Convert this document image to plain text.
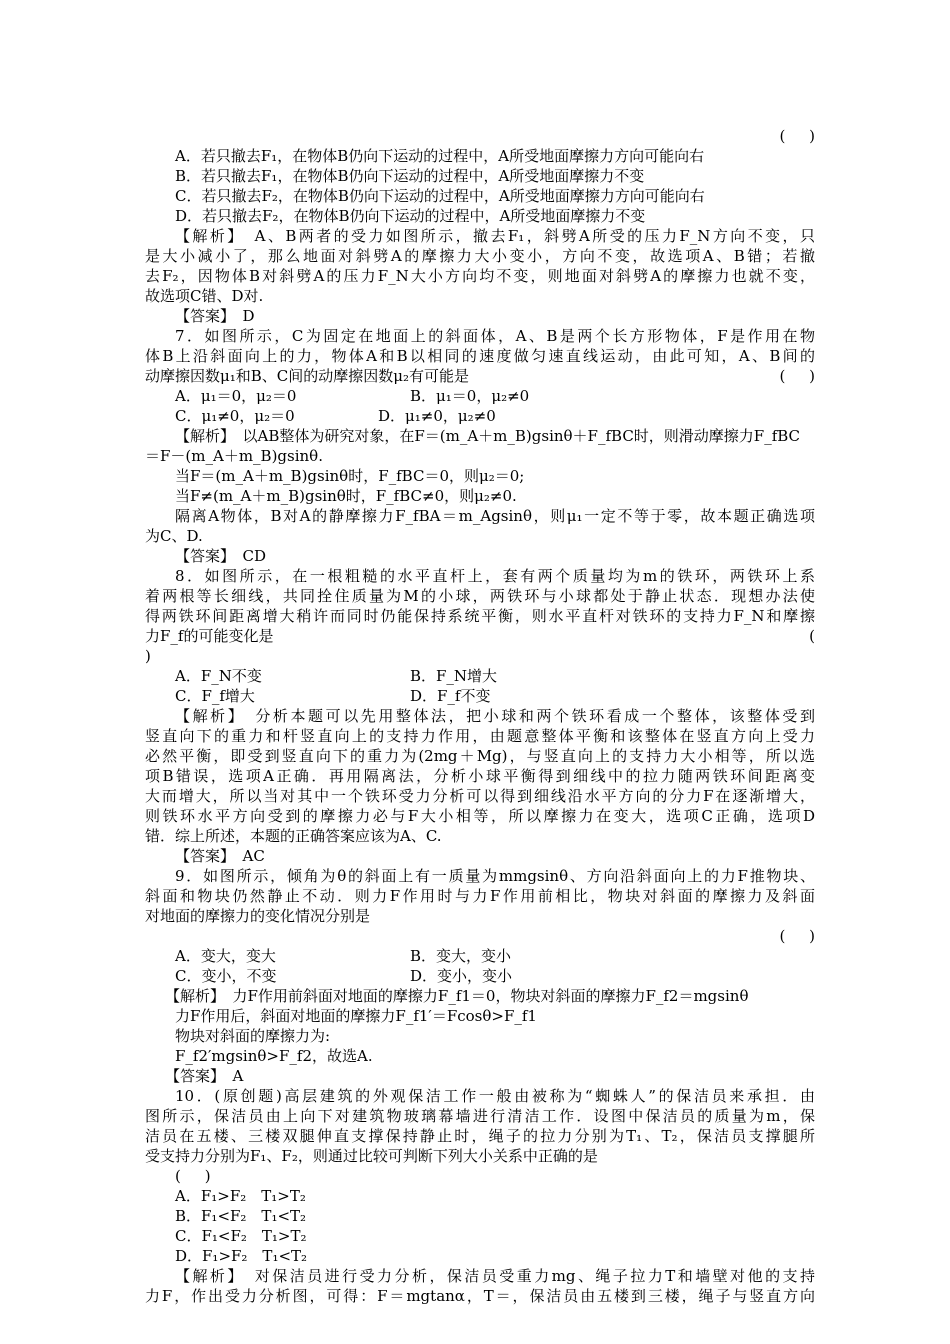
(     )
A．若只撤去F₁，在物体B仍向下运动的过程中，A所受地面摩擦力方向可能向右
B．若只撤去F₁，在物体B仍向下运动的过程中，A所受地面摩擦力不变
C．若只撤去F₂，在物体B仍向下运动的过程中，A所受地面摩擦力方向可能向右
D．若只撤去F₂，在物体B仍向下运动的过程中，A所受地面摩擦力不变
【解析】　A、B两者的受力如图所示，撤去F₁，斜劈A所受的压力F_N方向不变，只
是大小减小了，那么地面对斜劈A的摩擦力大小变小，方向不变，故选项A、B错；若撤
去F₂，因物体B对斜劈A的压力F_N大小方向均不变，则地面对斜劈A的摩擦力也就不变，
故选项C错、D对.
【答案】　D
7．如图所示，C为固定在地面上的斜面体，A、B是两个长方形物体，F是作用在物
体B上沿斜面向上的力，物体A和B以相同的速度做匀速直线运动，由此可知，A、B间的
动摩擦因数μ₁和B、C间的动摩擦因数μ₂有可能是	(     )
A．μ₁＝0，μ₂＝0	B．μ₁＝0，μ₂≠0
C．μ₁≠0，μ₂＝0	D．μ₁≠0，μ₂≠0
【解析】　以AB整体为研究对象，在F＝(m_A＋m_B)gsinθ＋F_fBC时，则滑动摩擦力F_fBC
＝F－(m_A＋m_B)gsinθ.
当F＝(m_A＋m_B)gsinθ时，F_fBC＝0，则μ₂＝0;
当F≠(m_A＋m_B)gsinθ时，F_fBC≠0，则μ₂≠0.
隔离A物体，B对A的静摩擦力F_fBA＝m_Agsinθ，则μ₁一定不等于零，故本题正确选项
为C、D.
【答案】　CD
8．如图所示，在一根粗糙的水平直杆上，套有两个质量均为m的铁环，两铁环上系
着两根等长细线，共同拴住质量为M的小球，两铁环与小球都处于静止状态．现想办法使
得两铁环间距离增大稍许而同时仍能保持系统平衡，则水平直杆对铁环的支持力F_N和摩擦
力F_f的可能变化是	(
)
A．F_N不变	B．F_N增大
C．F_f增大	D．F_f不变
【解析】　分析本题可以先用整体法，把小球和两个铁环看成一个整体，该整体受到
竖直向下的重力和杆竖直向上的支持力作用，由题意整体平衡和该整体在竖直方向上受力
必然平衡，即受到竖直向下的重力为(2mg＋Mg)，与竖直向上的支持力大小相等，所以选
项B错误，选项A正确．再用隔离法，分析小球平衡得到细线中的拉力随两铁环间距离变
大而增大，所以当对其中一个铁环受力分析可以得到细线沿水平方向的分力F在逐渐增大，
则铁环水平方向受到的摩擦力必与F大小相等，所以摩擦力在变大，选项C正确，选项D
错．综上所述，本题的正确答案应该为A、C.
【答案】　AC
9．如图所示，倾角为θ的斜面上有一质量为mmgsinθ、方向沿斜面向上的力F推物块、
斜面和物块仍然静止不动．则力F作用时与力F作用前相比，物块对斜面的摩擦力及斜面
对地面的摩擦力的变化情况分别是
(     )
A．变大，变大	B．变大，变小
C．变小，不变	D．变小，变小
【解析】　力F作用前斜面对地面的摩擦力F_f1＝0，物块对斜面的摩擦力F_f2＝mgsinθ
力F作用后，斜面对地面的摩擦力F_f1′＝Fcosθ>F_f1
物块对斜面的摩擦力为:
F_f2′mgsinθ>F_f2，故选A.
【答案】　A
10．(原创题)高层建筑的外观保洁工作一般由被称为“蜘蛛人”的保洁员来承担．由
图所示，保洁员由上向下对建筑物玻璃幕墙进行清洁工作．设图中保洁员的质量为m，保
洁员在五楼、三楼双腿伸直支撑保持静止时，绳子的拉力分别为T₁、T₂，保洁员支撑腿所
受支持力分别为F₁、F₂，则通过比较可判断下列大小关系中正确的是
(     )
A．F₁>F₂　T₁>T₂
B．F₁<F₂　T₁<T₂
C．F₁<F₂　T₁>T₂
D．F₁>F₂　T₁<T₂
【解析】　对保洁员进行受力分析，保洁员受重力mg、绳子拉力T和墙壁对他的支持
力F，作出受力分析图，可得：F＝mgtanα，T＝，保洁员由五楼到三楼，绳子与竖直方向
